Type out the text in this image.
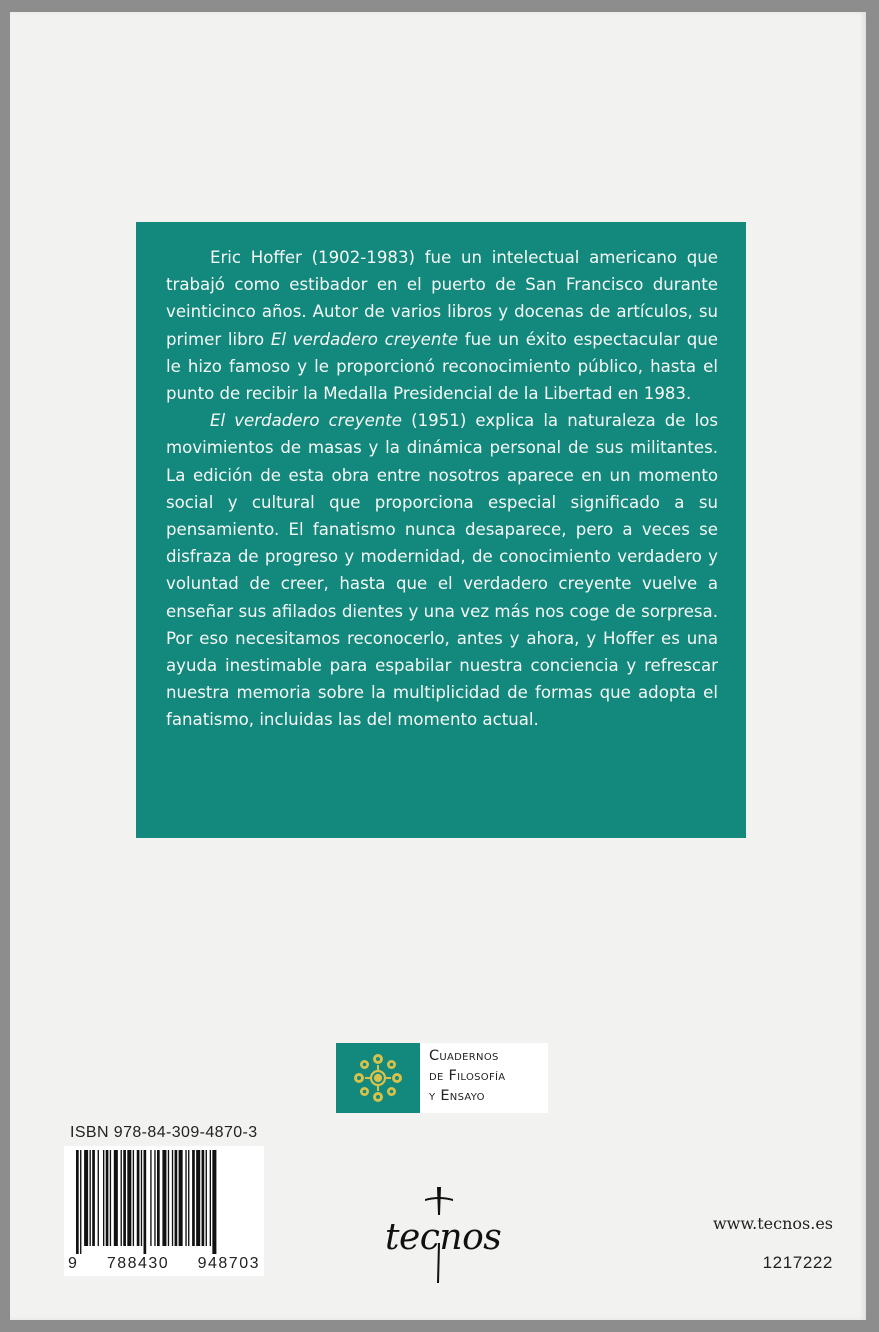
Eric Hoffer (1902-1983) fue un intelectual americano que trabajó como estibador en el puerto de San Francisco durante veinticinco años. Autor de varios libros y docenas de artículos, su primer libro El verdadero creyente fue un éxito espectacular que le hizo famoso y le proporcionó reconocimiento público, hasta el punto de recibir la Medalla Presidencial de la Libertad en 1983.

El verdadero creyente (1951) explica la naturaleza de los movimientos de masas y la dinámica personal de sus militantes. La edición de esta obra entre nosotros aparece en un momento social y cultural que proporciona especial significado a su pensamiento. El fanatismo nunca desaparece, pero a veces se disfraza de progreso y modernidad, de conocimiento verdadero y voluntad de creer, hasta que el verdadero creyente vuelve a enseñar sus afilados dientes y una vez más nos coge de sorpresa. Por eso necesitamos reconocerlo, antes y ahora, y Hoffer es una ayuda inestimable para espabilar nuestra conciencia y refrescar nuestra memoria sobre la multiplicidad de formas que adopta el fanatismo, incluidas las del momento actual.

Cuadernos
de Filosofía
y Ensayo
ISBN 978-84-309-4870-3
9 788430 948703
tecnos	www.tecnos.es
1217222
